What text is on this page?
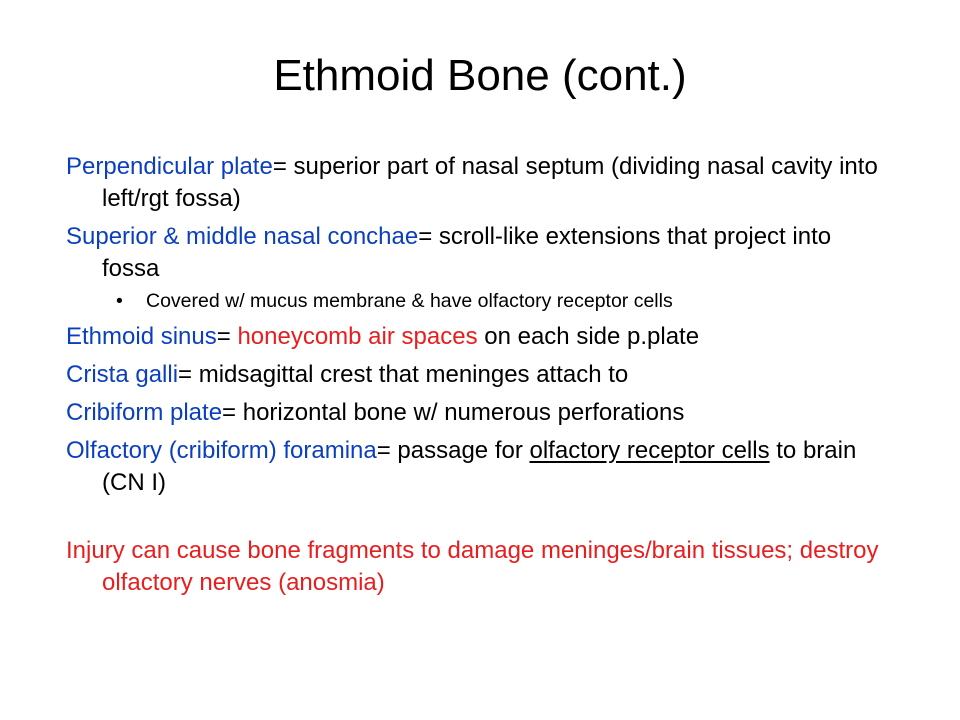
Ethmoid Bone (cont.)

Perpendicular plate= superior part of nasal septum (dividing nasal cavity into left/rgt fossa)

Superior & middle nasal conchae= scroll-like extensions that project into fossa

• Covered w/ mucus membrane & have olfactory receptor cells

Ethmoid sinus= honeycomb air spaces on each side p.plate

Crista galli= midsagittal crest that meninges attach to

Cribiform plate= horizontal bone w/ numerous perforations

Olfactory (cribiform) foramina= passage for olfactory receptor cells to brain (CN I)

Injury can cause bone fragments to damage meninges/brain tissues; destroy olfactory nerves (anosmia)
